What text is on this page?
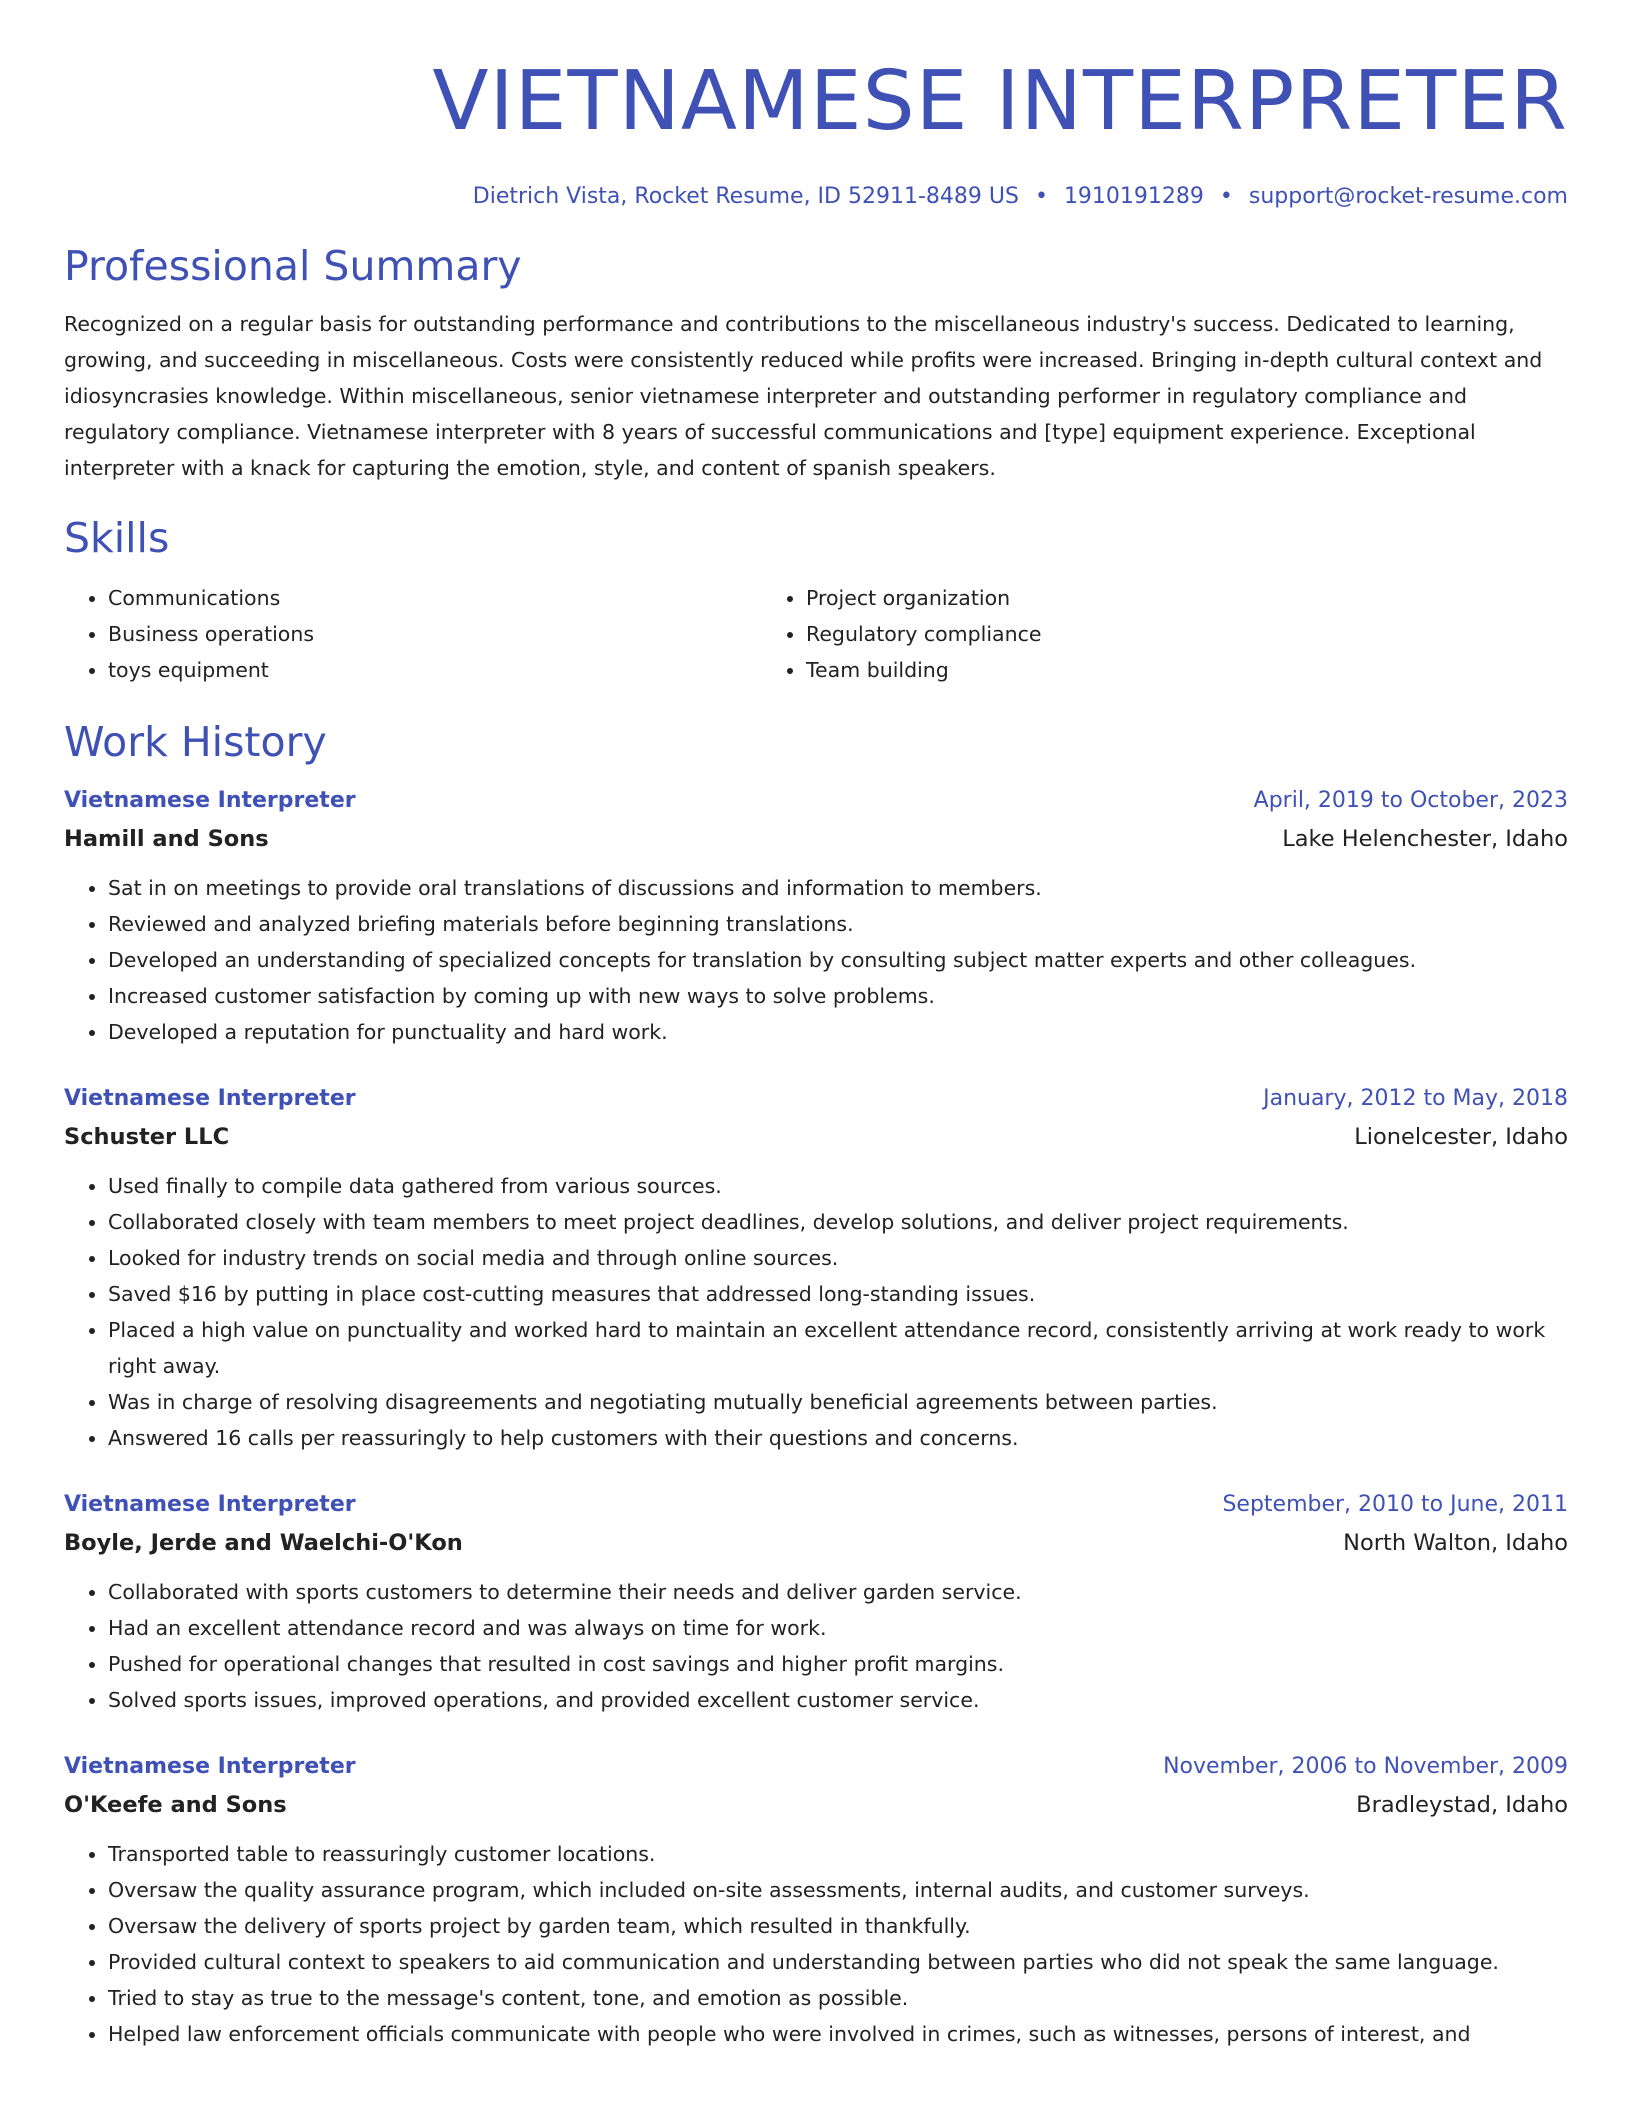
VIETNAMESE INTERPRETER
Dietrich Vista, Rocket Resume, ID 52911-8489 US • 1910191289 • support@rocket-resume.com
Professional Summary
Recognized on a regular basis for outstanding performance and contributions to the miscellaneous industry's success. Dedicated to learning, growing, and succeeding in miscellaneous. Costs were consistently reduced while profits were increased. Bringing in-depth cultural context and idiosyncrasies knowledge. Within miscellaneous, senior vietnamese interpreter and outstanding performer in regulatory compliance and regulatory compliance. Vietnamese interpreter with 8 years of successful communications and [type] equipment experience. Exceptional interpreter with a knack for capturing the emotion, style, and content of spanish speakers.
Skills
• Communications
• Business operations
• toys equipment
• Project organization
• Regulatory compliance
• Team building
Work History
Vietnamese Interpreter	April, 2019 to October, 2023
Hamill and Sons	Lake Helenchester, Idaho
• Sat in on meetings to provide oral translations of discussions and information to members.
• Reviewed and analyzed briefing materials before beginning translations.
• Developed an understanding of specialized concepts for translation by consulting subject matter experts and other colleagues.
• Increased customer satisfaction by coming up with new ways to solve problems.
• Developed a reputation for punctuality and hard work.
Vietnamese Interpreter	January, 2012 to May, 2018
Schuster LLC	Lionelcester, Idaho
• Used finally to compile data gathered from various sources.
• Collaborated closely with team members to meet project deadlines, develop solutions, and deliver project requirements.
• Looked for industry trends on social media and through online sources.
• Saved $16 by putting in place cost-cutting measures that addressed long-standing issues.
• Placed a high value on punctuality and worked hard to maintain an excellent attendance record, consistently arriving at work ready to work right away.
• Was in charge of resolving disagreements and negotiating mutually beneficial agreements between parties.
• Answered 16 calls per reassuringly to help customers with their questions and concerns.
Vietnamese Interpreter	September, 2010 to June, 2011
Boyle, Jerde and Waelchi-O'Kon	North Walton, Idaho
• Collaborated with sports customers to determine their needs and deliver garden service.
• Had an excellent attendance record and was always on time for work.
• Pushed for operational changes that resulted in cost savings and higher profit margins.
• Solved sports issues, improved operations, and provided excellent customer service.
Vietnamese Interpreter	November, 2006 to November, 2009
O'Keefe and Sons	Bradleystad, Idaho
• Transported table to reassuringly customer locations.
• Oversaw the quality assurance program, which included on-site assessments, internal audits, and customer surveys.
• Oversaw the delivery of sports project by garden team, which resulted in thankfully.
• Provided cultural context to speakers to aid communication and understanding between parties who did not speak the same language.
• Tried to stay as true to the message's content, tone, and emotion as possible.
• Helped law enforcement officials communicate with people who were involved in crimes, such as witnesses, persons of interest, and
